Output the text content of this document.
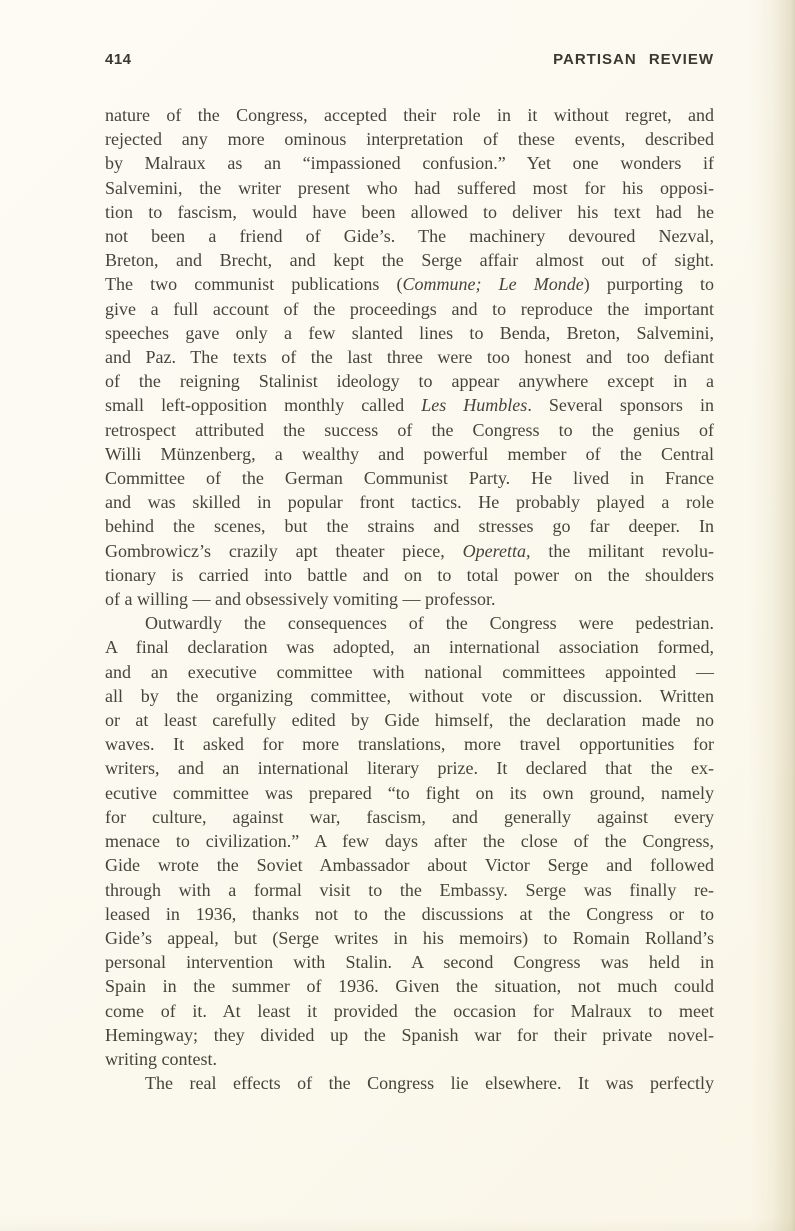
414	PARTISAN REVIEW
nature of the Congress, accepted their role in it without regret, and
rejected any more ominous interpretation of these events, described
by Malraux as an “impassioned confusion.” Yet one wonders if
Salvemini, the writer present who had suffered most for his opposi-
tion to fascism, would have been allowed to deliver his text had he
not been a friend of Gide’s. The machinery devoured Nezval,
Breton, and Brecht, and kept the Serge affair almost out of sight.
The two communist publications (Commune; Le Monde) purporting to
give a full account of the proceedings and to reproduce the important
speeches gave only a few slanted lines to Benda, Breton, Salvemini,
and Paz. The texts of the last three were too honest and too defiant
of the reigning Stalinist ideology to appear anywhere except in a
small left-opposition monthly called Les Humbles. Several sponsors in
retrospect attributed the success of the Congress to the genius of
Willi Münzenberg, a wealthy and powerful member of the Central
Committee of the German Communist Party. He lived in France
and was skilled in popular front tactics. He probably played a role
behind the scenes, but the strains and stresses go far deeper. In
Gombrowicz’s crazily apt theater piece, Operetta, the militant revolu-
tionary is carried into battle and on to total power on the shoulders
of a willing — and obsessively vomiting — professor.
Outwardly the consequences of the Congress were pedestrian.
A final declaration was adopted, an international association formed,
and an executive committee with national committees appointed —
all by the organizing committee, without vote or discussion. Written
or at least carefully edited by Gide himself, the declaration made no
waves. It asked for more translations, more travel opportunities for
writers, and an international literary prize. It declared that the ex-
ecutive committee was prepared “to fight on its own ground, namely
for culture, against war, fascism, and generally against every
menace to civilization.” A few days after the close of the Congress,
Gide wrote the Soviet Ambassador about Victor Serge and followed
through with a formal visit to the Embassy. Serge was finally re-
leased in 1936, thanks not to the discussions at the Congress or to
Gide’s appeal, but (Serge writes in his memoirs) to Romain Rolland’s
personal intervention with Stalin. A second Congress was held in
Spain in the summer of 1936. Given the situation, not much could
come of it. At least it provided the occasion for Malraux to meet
Hemingway; they divided up the Spanish war for their private novel-
writing contest.
The real effects of the Congress lie elsewhere. It was perfectly
